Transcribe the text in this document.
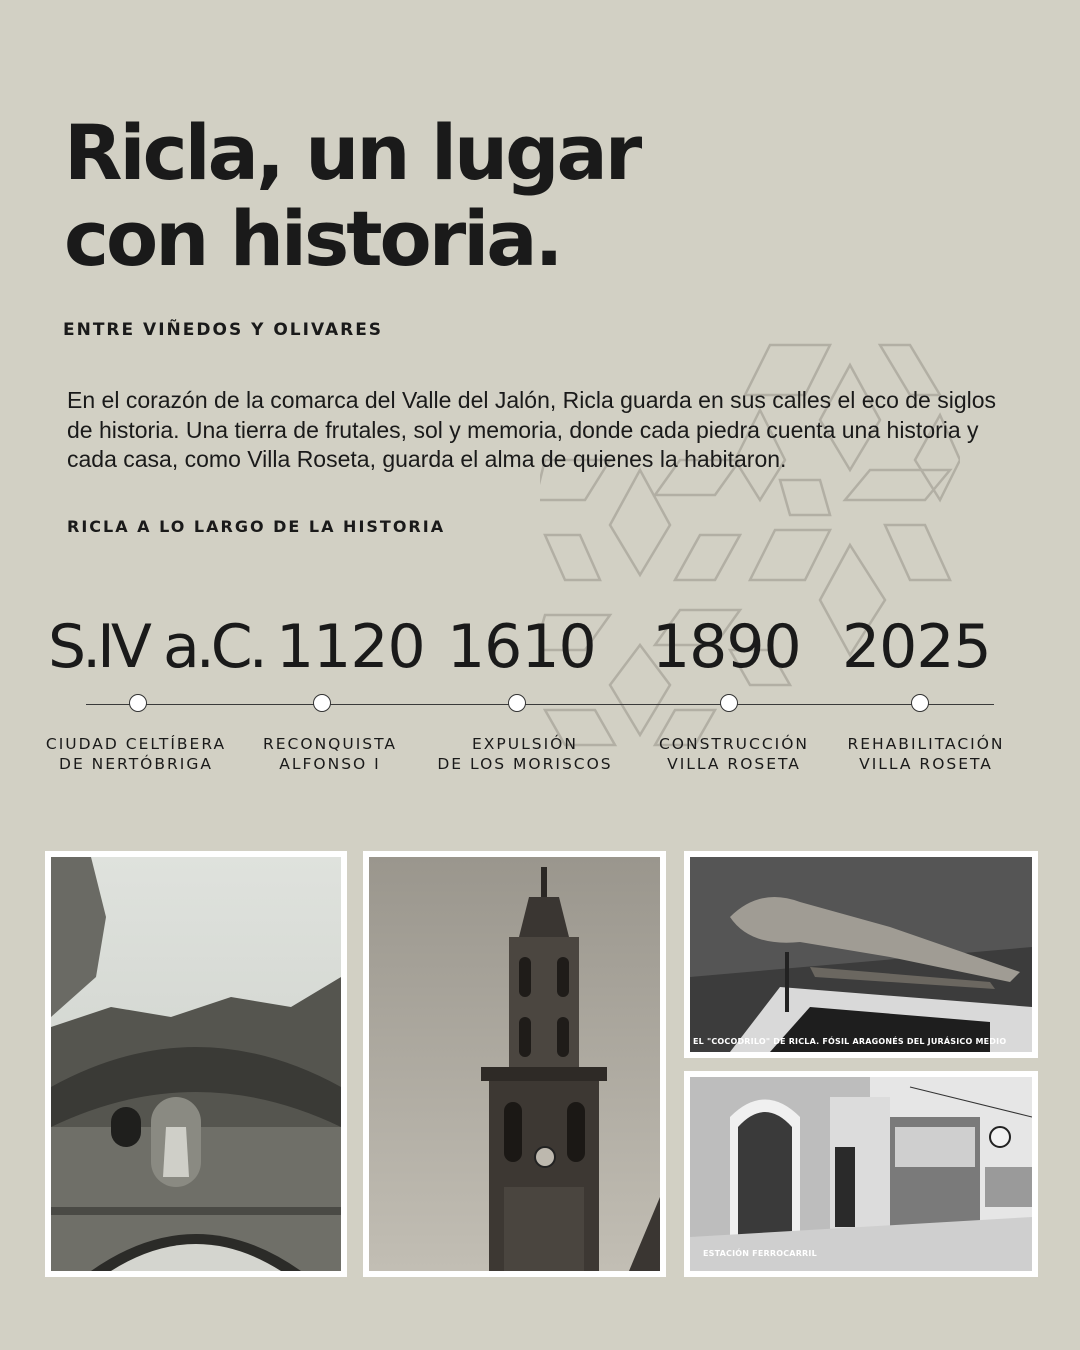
Ricla, un lugar
con historia.
ENTRE VIÑEDOS Y OLIVARES

En el corazón de la comarca del Valle del Jalón, Ricla guarda en sus calles el eco de siglos de historia. Una tierra de frutales, sol y memoria, donde cada piedra cuenta una historia y cada casa, como Villa Roseta, guarda el alma de quienes la habitaron.

RICLA A LO LARGO DE LA HISTORIA
S.IV a.C. 1120 1610 1890 2025
CIUDAD CELTÍBERA
DE NERTÓBRIGA
RECONQUISTA
ALFONSO I
EXPULSIÓN
DE LOS MORISCOS
CONSTRUCCIÓN
VILLA ROSETA
REHABILITACIÓN
VILLA ROSETA
EL "COCODRILO" DE RICLA. FÓSIL ARAGONÉS DEL JURÁSICO MEDIO
ESTACIÓN FERROCARRIL
